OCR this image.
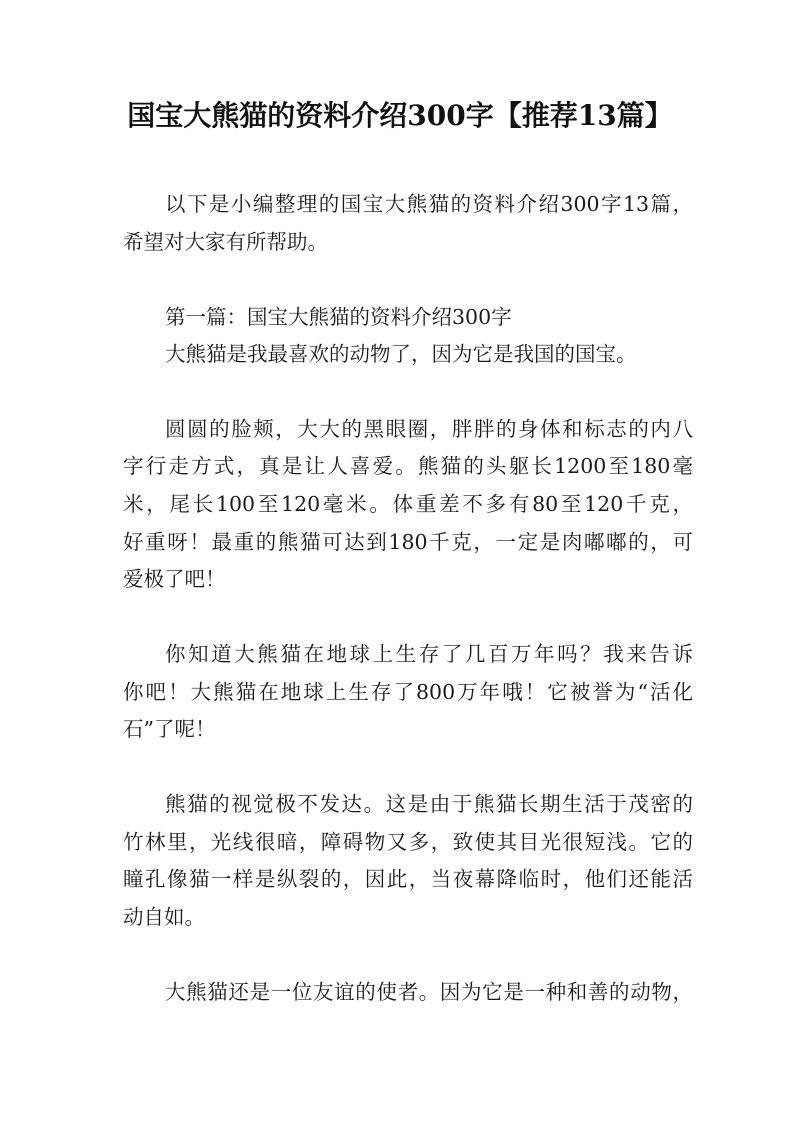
国宝大熊猫的资料介绍300字【推荐13篇】
以下是小编整理的国宝大熊猫的资料介绍300字13篇，
希望对大家有所帮助。
第一篇：国宝大熊猫的资料介绍300字
大熊猫是我最喜欢的动物了，因为它是我国的国宝。
圆圆的脸颊，大大的黑眼圈，胖胖的身体和标志的内八
字行走方式，真是让人喜爱。熊猫的头躯长1200至180毫
米，尾长100至120毫米。体重差不多有80至120千克，
好重呀！最重的熊猫可达到180千克，一定是肉嘟嘟的，可
爱极了吧！
你知道大熊猫在地球上生存了几百万年吗？我来告诉
你吧！大熊猫在地球上生存了800万年哦！它被誉为“活化
石”了呢！
熊猫的视觉极不发达。这是由于熊猫长期生活于茂密的
竹林里，光线很暗，障碍物又多，致使其目光很短浅。它的
瞳孔像猫一样是纵裂的，因此，当夜幕降临时，他们还能活
动自如。
大熊猫还是一位友谊的使者。因为它是一种和善的动物，
